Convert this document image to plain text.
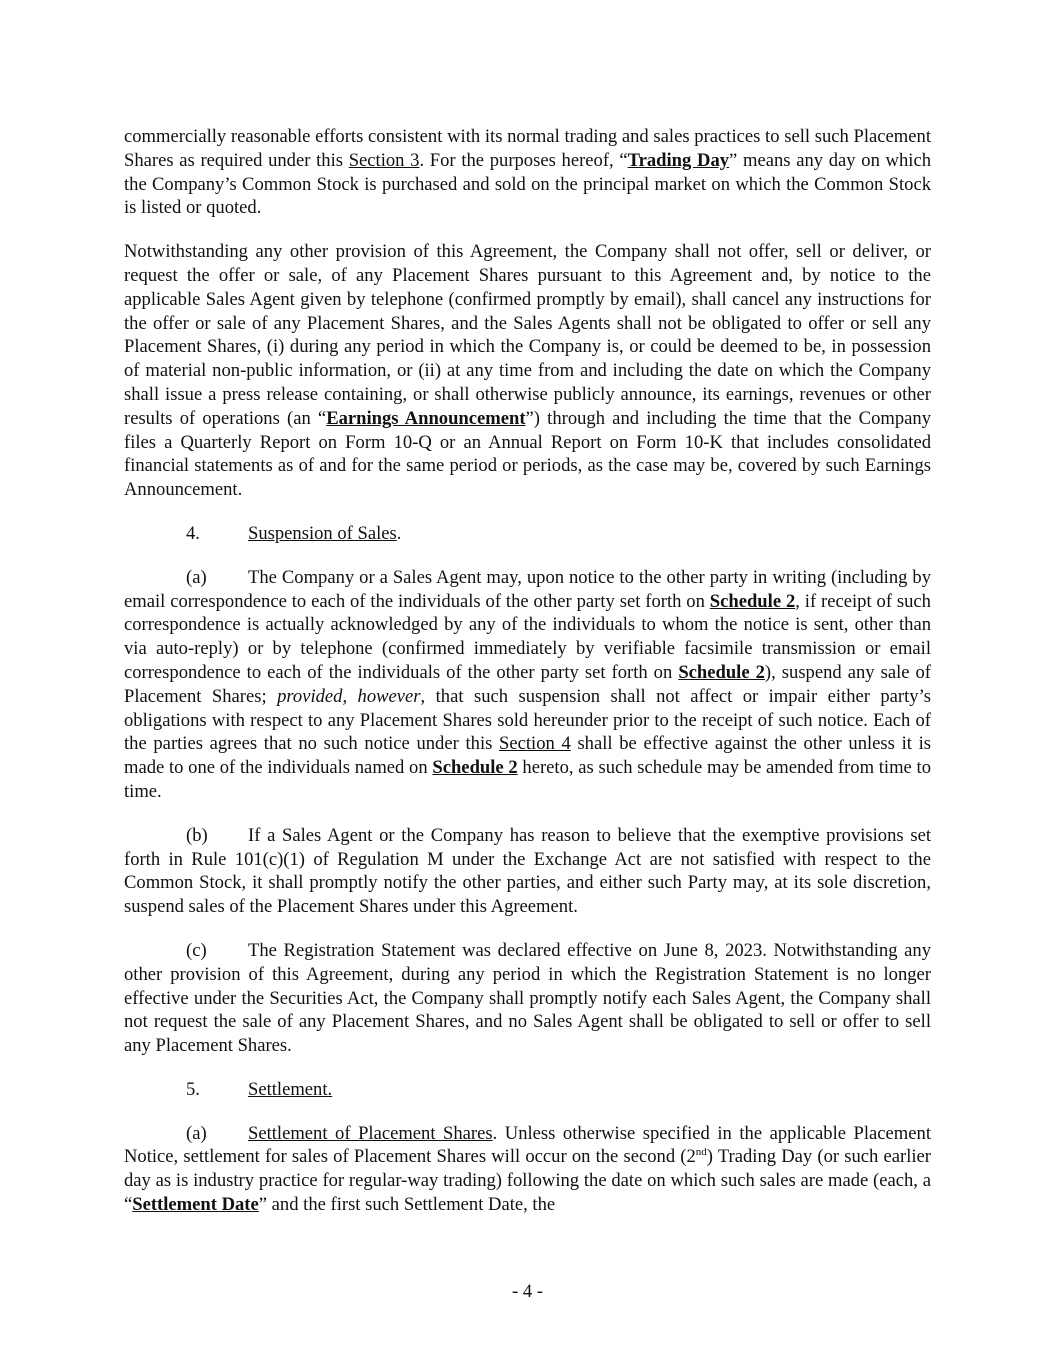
commercially reasonable efforts consistent with its normal trading and sales practices to sell such Placement Shares as required under this Section 3. For the purposes hereof, “Trading Day” means any day on which the Company’s Common Stock is purchased and sold on the principal market on which the Common Stock is listed or quoted.

Notwithstanding any other provision of this Agreement, the Company shall not offer, sell or deliver, or request the offer or sale, of any Placement Shares pursuant to this Agreement and, by notice to the applicable Sales Agent given by telephone (confirmed promptly by email), shall cancel any instructions for the offer or sale of any Placement Shares, and the Sales Agents shall not be obligated to offer or sell any Placement Shares, (i) during any period in which the Company is, or could be deemed to be, in possession of material non-public information, or (ii) at any time from and including the date on which the Company shall issue a press release containing, or shall otherwise publicly announce, its earnings, revenues or other results of operations (an “Earnings Announcement”) through and including the time that the Company files a Quarterly Report on Form 10-Q or an Annual Report on Form 10-K that includes consolidated financial statements as of and for the same period or periods, as the case may be, covered by such Earnings Announcement.

4.	Suspension of Sales.

(a) The Company or a Sales Agent may, upon notice to the other party in writing (including by email correspondence to each of the individuals of the other party set forth on Schedule 2, if receipt of such correspondence is actually acknowledged by any of the individuals to whom the notice is sent, other than via auto-reply) or by telephone (confirmed immediately by verifiable facsimile transmission or email correspondence to each of the individuals of the other party set forth on Schedule 2), suspend any sale of Placement Shares; provided, however, that such suspension shall not affect or impair either party’s obligations with respect to any Placement Shares sold hereunder prior to the receipt of such notice. Each of the parties agrees that no such notice under this Section 4 shall be effective against the other unless it is made to one of the individuals named on Schedule 2 hereto, as such schedule may be amended from time to time.

(b) If a Sales Agent or the Company has reason to believe that the exemptive provisions set forth in Rule 101(c)(1) of Regulation M under the Exchange Act are not satisfied with respect to the Common Stock, it shall promptly notify the other parties, and either such Party may, at its sole discretion, suspend sales of the Placement Shares under this Agreement.

(c) The Registration Statement was declared effective on June 8, 2023. Notwithstanding any other provision of this Agreement, during any period in which the Registration Statement is no longer effective under the Securities Act, the Company shall promptly notify each Sales Agent, the Company shall not request the sale of any Placement Shares, and no Sales Agent shall be obligated to sell or offer to sell any Placement Shares.

5.	Settlement.

(a) Settlement of Placement Shares. Unless otherwise specified in the applicable Placement Notice, settlement for sales of Placement Shares will occur on the second (2nd) Trading Day (or such earlier day as is industry practice for regular-way trading) following the date on which such sales are made (each, a “Settlement Date” and the first such Settlement Date, the

- 4 -
